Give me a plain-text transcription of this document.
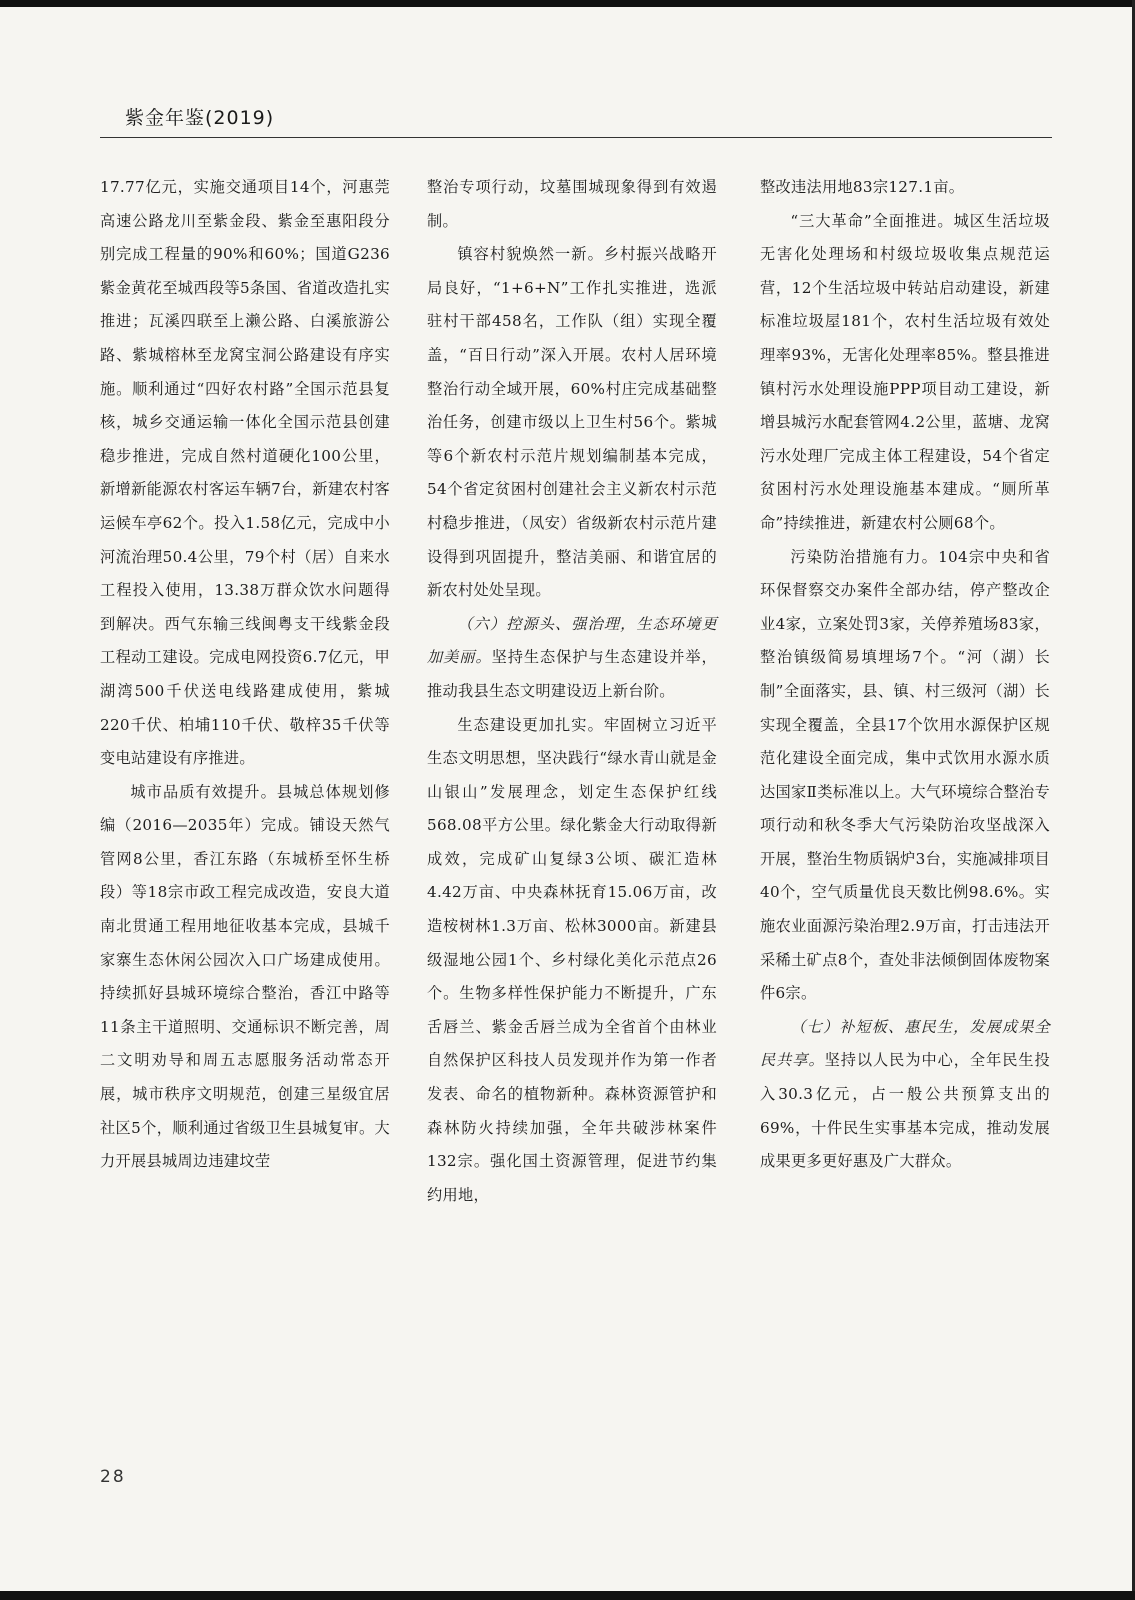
紫金年鉴(2019)

17.77亿元，实施交通项目14个，河惠莞高速公路龙川至紫金段、紫金至惠阳段分别完成工程量的90%和60%；国道G236紫金黄花至城西段等5条国、省道改造扎实推进；瓦溪四联至上濑公路、白溪旅游公路、紫城榕林至龙窝宝洞公路建设有序实施。顺利通过“四好农村路”全国示范县复核，城乡交通运输一体化全国示范县创建稳步推进，完成自然村道硬化100公里，新增新能源农村客运车辆7台，新建农村客运候车亭62个。投入1.58亿元，完成中小河流治理50.4公里，79个村（居）自来水工程投入使用，13.38万群众饮水问题得到解决。西气东输三线闽粤支干线紫金段工程动工建设。完成电网投资6.7亿元，甲湖湾500千伏送电线路建成使用，紫城220千伏、柏埔110千伏、敬梓35千伏等变电站建设有序推进。

城市品质有效提升。县城总体规划修编（2016—2035年）完成。铺设天然气管网8公里，香江东路（东城桥至怀生桥段）等18宗市政工程完成改造，安良大道南北贯通工程用地征收基本完成，县城千家寨生态休闲公园次入口广场建成使用。持续抓好县城环境综合整治，香江中路等11条主干道照明、交通标识不断完善，周二文明劝导和周五志愿服务活动常态开展，城市秩序文明规范，创建三星级宜居社区5个，顺利通过省级卫生县城复审。大力开展县城周边违建坟茔

整治专项行动，坟墓围城现象得到有效遏制。

镇容村貌焕然一新。乡村振兴战略开局良好，“1+6+N”工作扎实推进，选派驻村干部458名，工作队（组）实现全覆盖，“百日行动”深入开展。农村人居环境整治行动全域开展，60%村庄完成基础整治任务，创建市级以上卫生村56个。紫城等6个新农村示范片规划编制基本完成，54个省定贫困村创建社会主义新农村示范村稳步推进，（凤安）省级新农村示范片建设得到巩固提升，整洁美丽、和谐宜居的新农村处处呈现。

（六）控源头、强治理，生态环境更加美丽。坚持生态保护与生态建设并举，推动我县生态文明建设迈上新台阶。

生态建设更加扎实。牢固树立习近平生态文明思想，坚决践行“绿水青山就是金山银山”发展理念，划定生态保护红线568.08平方公里。绿化紫金大行动取得新成效，完成矿山复绿3公顷、碳汇造林4.42万亩、中央森林抚育15.06万亩，改造桉树林1.3万亩、松林3000亩。新建县级湿地公园1个、乡村绿化美化示范点26个。生物多样性保护能力不断提升，广东舌唇兰、紫金舌唇兰成为全省首个由林业自然保护区科技人员发现并作为第一作者发表、命名的植物新种。森林资源管护和森林防火持续加强，全年共破涉林案件132宗。强化国土资源管理，促进节约集约用地，

整改违法用地83宗127.1亩。

“三大革命”全面推进。城区生活垃圾无害化处理场和村级垃圾收集点规范运营，12个生活垃圾中转站启动建设，新建标准垃圾屋181个，农村生活垃圾有效处理率93%，无害化处理率85%。整县推进镇村污水处理设施PPP项目动工建设，新增县城污水配套管网4.2公里，蓝塘、龙窝污水处理厂完成主体工程建设，54个省定贫困村污水处理设施基本建成。“厕所革命”持续推进，新建农村公厕68个。

污染防治措施有力。104宗中央和省环保督察交办案件全部办结，停产整改企业4家，立案处罚3家，关停养殖场83家，整治镇级简易填埋场7个。“河（湖）长制”全面落实，县、镇、村三级河（湖）长实现全覆盖，全县17个饮用水源保护区规范化建设全面完成，集中式饮用水源水质达国家Ⅱ类标准以上。大气环境综合整治专项行动和秋冬季大气污染防治攻坚战深入开展，整治生物质锅炉3台，实施减排项目40个，空气质量优良天数比例98.6%。实施农业面源污染治理2.9万亩，打击违法开采稀土矿点8个，查处非法倾倒固体废物案件6宗。

（七）补短板、惠民生，发展成果全民共享。坚持以人民为中心，全年民生投入30.3亿元，占一般公共预算支出的69%，十件民生实事基本完成，推动发展成果更多更好惠及广大群众。

28
